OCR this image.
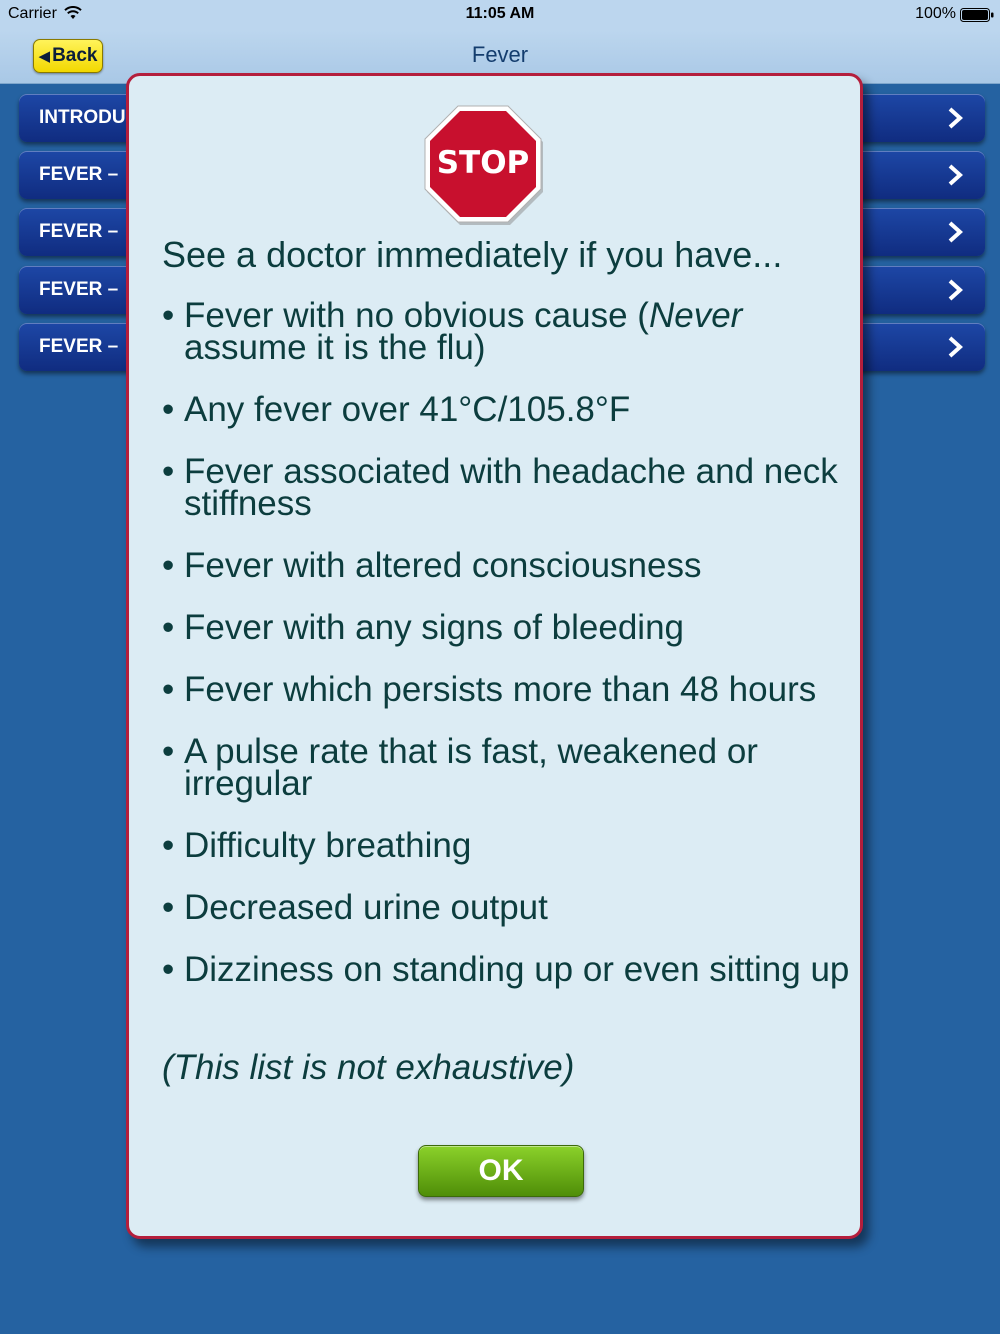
Carrier	11:05 AM	100%
◀ Back	Fever
INTRODU
FEVER –
FEVER –
FEVER –
FEVER –
STOP
See a doctor immediately if you have...
• Fever with no obvious cause (Never assume it is the flu)
• Any fever over 41°C/105.8°F
• Fever associated with headache and neck stiffness
• Fever with altered consciousness
• Fever with any signs of bleeding
• Fever which persists more than 48 hours
• A pulse rate that is fast, weakened or irregular
• Difficulty breathing
• Decreased urine output
• Dizziness on standing up or even sitting up
(This list is not exhaustive)
OK
